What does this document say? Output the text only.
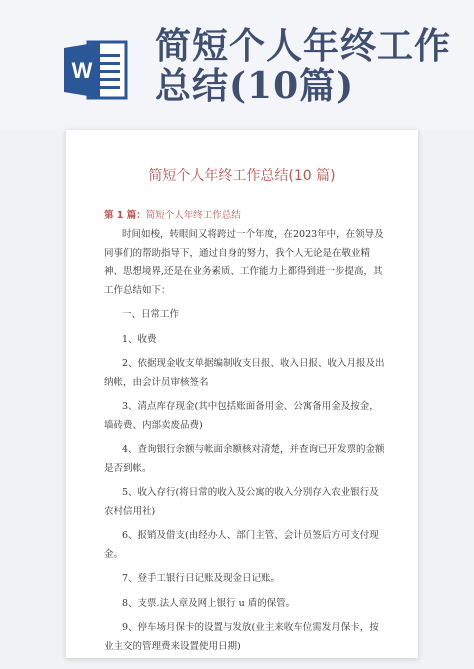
W
简短个人年终工作
总结(10篇)
简短个人年终工作总结(10 篇)
第 1 篇：简短个人年终工作总结

时间如梭，转眼间又将跨过一个年度，在2023年中，在领导及同事们的帮助指导下，通过自身的努力，我个人无论是在敬业精神、思想境界,还是在业务素质、工作能力上都得到进一步提高，其工作总结如下：

一、日常工作

1、收费

2、依据现金收支单据编制收支日报、收入日报、收入月报及出纳帐，由会计员审核签名

3、清点库存现金(其中包括账面备用金、公寓备用金及按金，墙砖费、内部卖废品费)

4、查询银行余额与帐面余额核对清楚，并查询已开发票的金额是否到帐。

5、收入存行(将日常的收入及公寓的收入分别存入农业银行及农村信用社)

6、报销及借支(由经办人、部门主管、会计员签后方可支付现金。

7、登手工银行日记账及现金日记账。

8、支票.法人章及网上银行 u 盾的保管。

9、停车场月保卡的设置与发放(业主来收车位需发月保卡，按业主交的管理费来设置使用日期)
